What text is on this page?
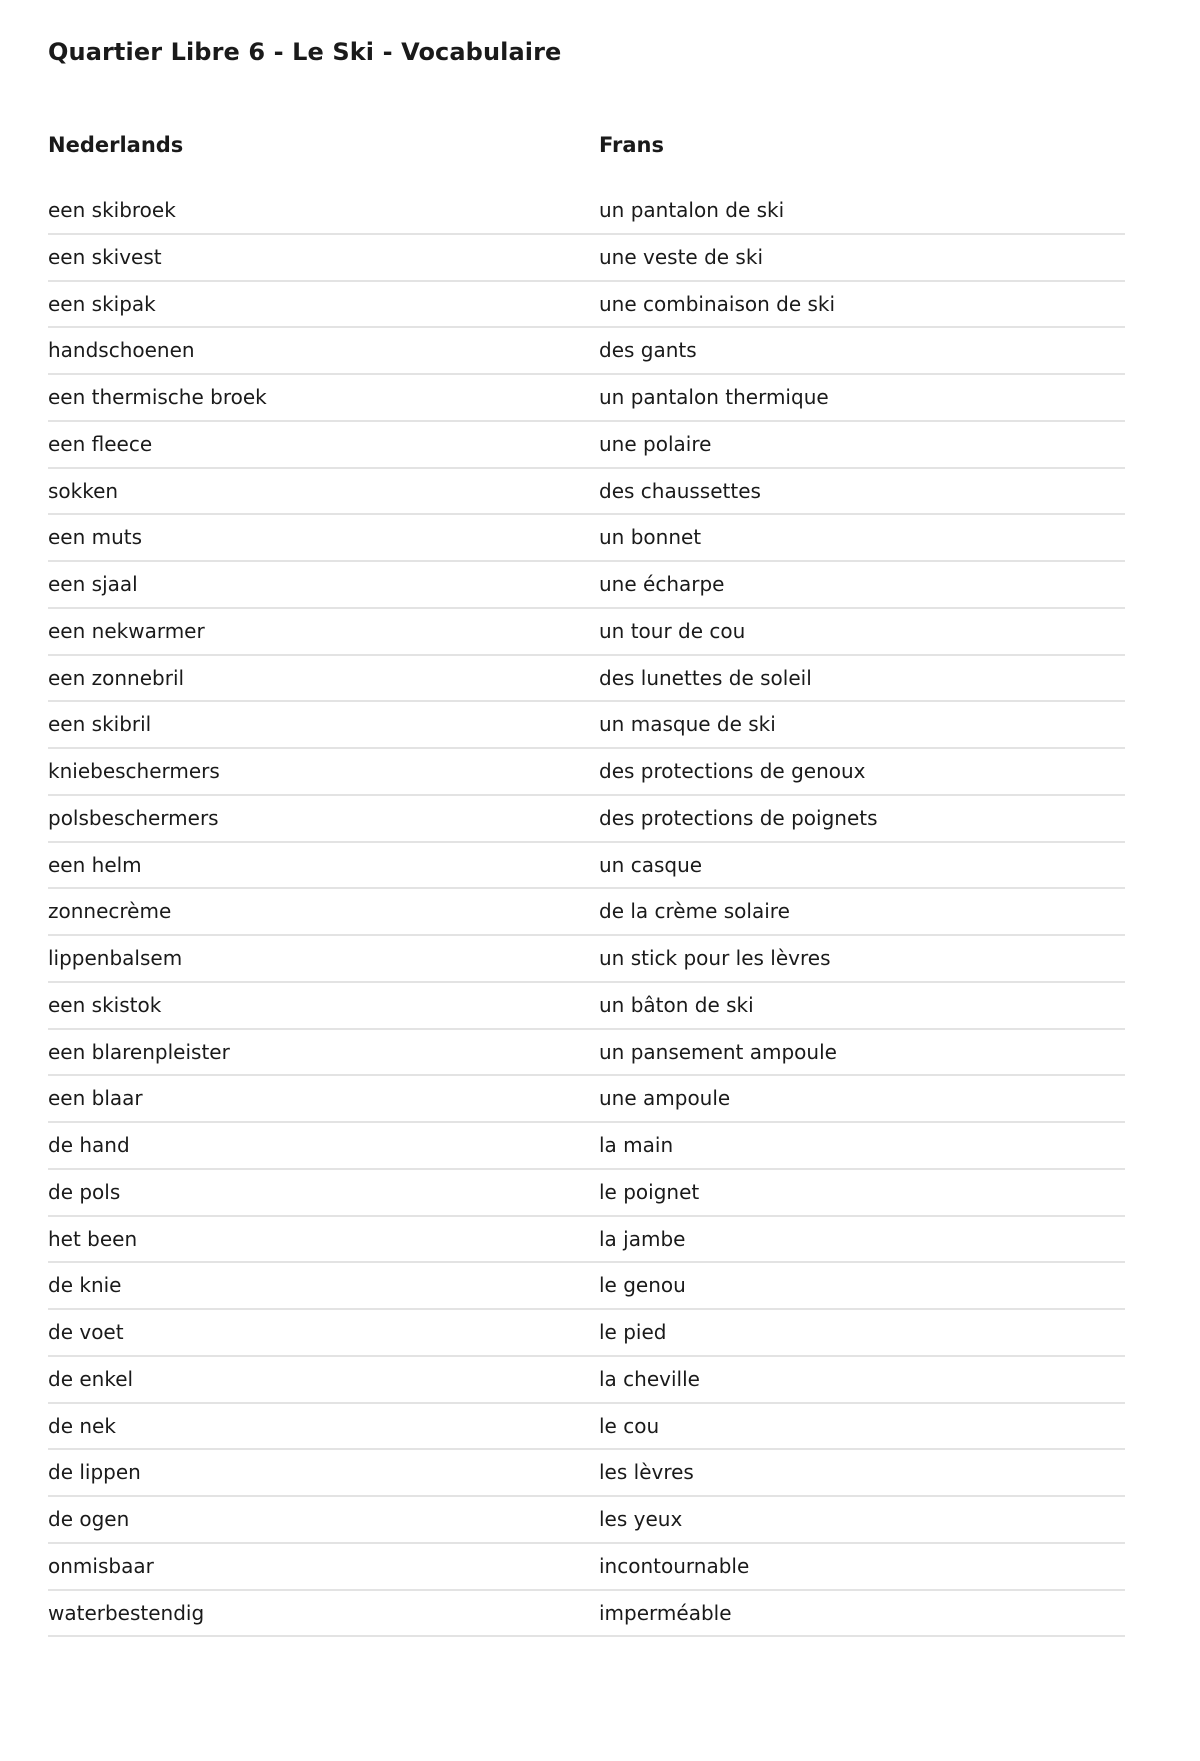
Quartier Libre 6 - Le Ski - Vocabulaire
Nederlands	Frans
een skibroek	un pantalon de ski
een skivest	une veste de ski
een skipak	une combinaison de ski
handschoenen	des gants
een thermische broek	un pantalon thermique
een fleece	une polaire
sokken	des chaussettes
een muts	un bonnet
een sjaal	une écharpe
een nekwarmer	un tour de cou
een zonnebril	des lunettes de soleil
een skibril	un masque de ski
kniebeschermers	des protections de genoux
polsbeschermers	des protections de poignets
een helm	un casque
zonnecrème	de la crème solaire
lippenbalsem	un stick pour les lèvres
een skistok	un bâton de ski
een blarenpleister	un pansement ampoule
een blaar	une ampoule
de hand	la main
de pols	le poignet
het been	la jambe
de knie	le genou
de voet	le pied
de enkel	la cheville
de nek	le cou
de lippen	les lèvres
de ogen	les yeux
onmisbaar	incontournable
waterbestendig	imperméable
